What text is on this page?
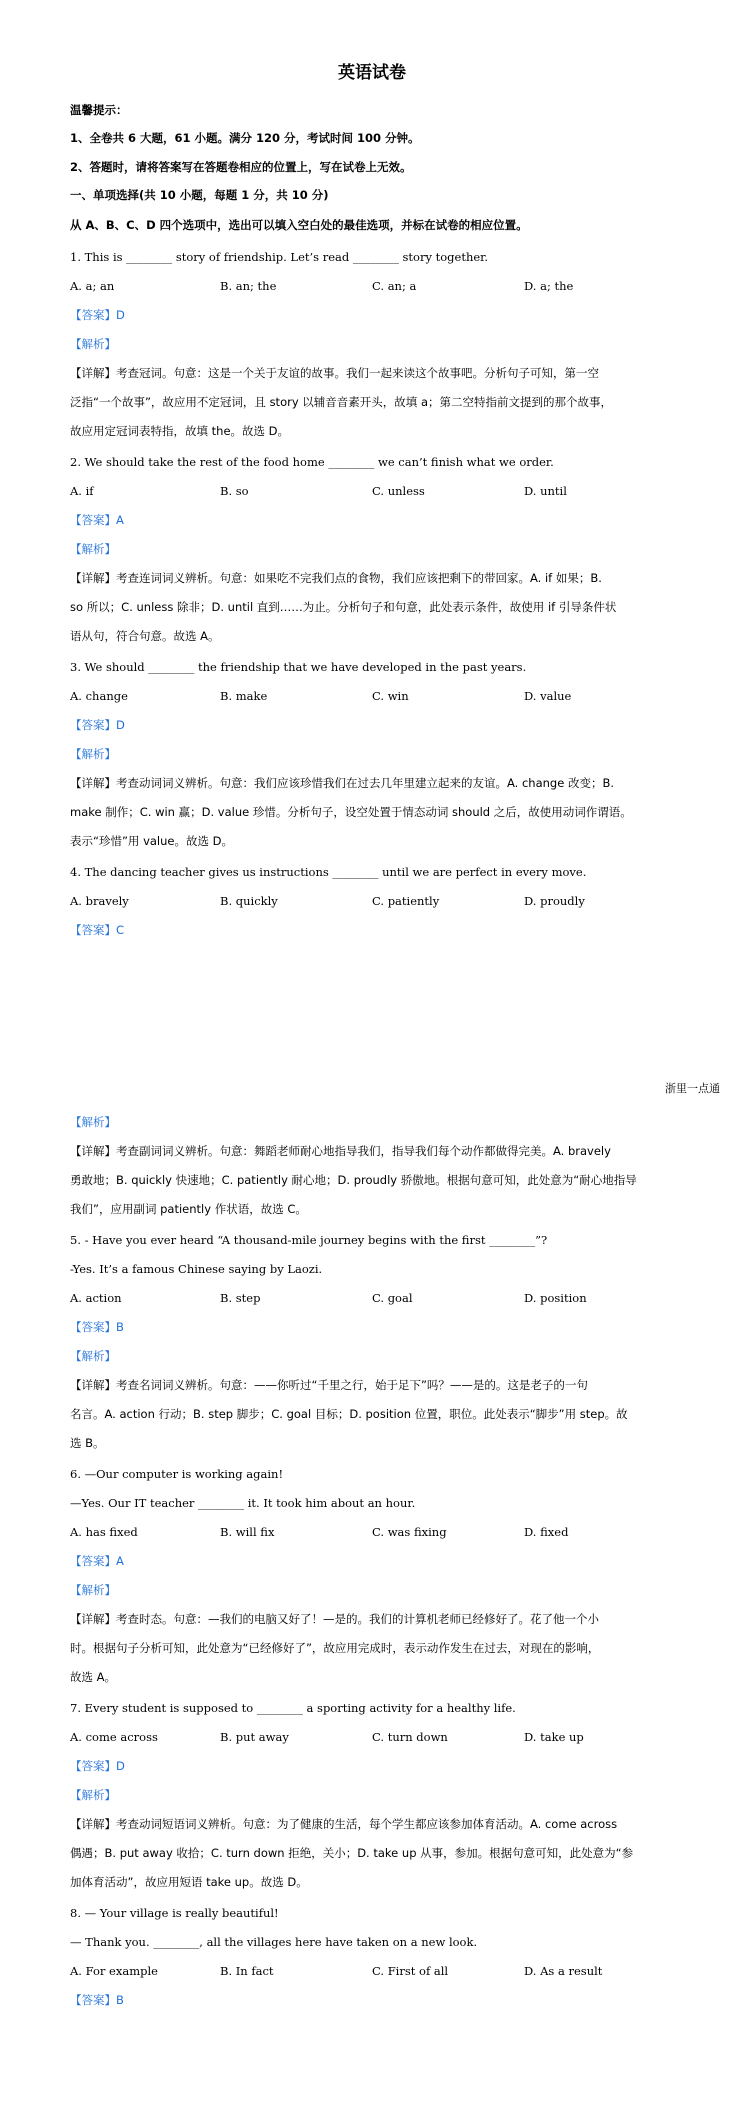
英语试卷
温馨提示：
1、全卷共 6 大题，61 小题。满分 120 分，考试时间 100 分钟。
2、答题时，请将答案写在答题卷相应的位置上，写在试卷上无效。
一、单项选择(共 10 小题，每题 1 分，共 10 分)
从 A、B、C、D 四个选项中，选出可以填入空白处的最佳选项，并标在试卷的相应位置。
1. This is ________ story of friendship. Let’s read ________ story together.
A. a; an	B. an; the	C. an; a	D. a; the
【答案】D
【解析】
【详解】考查冠词。句意：这是一个关于友谊的故事。我们一起来读这个故事吧。分析句子可知，第一空
泛指“一个故事”，故应用不定冠词，且 story 以辅音音素开头，故填 a；第二空特指前文提到的那个故事，
故应用定冠词表特指，故填 the。故选 D。
2. We should take the rest of the food home ________ we can’t finish what we order.
A. if	B. so	C. unless	D. until
【答案】A
【解析】
【详解】考查连词词义辨析。句意：如果吃不完我们点的食物，我们应该把剩下的带回家。A. if 如果；B.
so 所以；C. unless 除非；D. until 直到……为止。分析句子和句意，此处表示条件，故使用 if 引导条件状
语从句，符合句意。故选 A。
3. We should ________ the friendship that we have developed in the past years.
A. change	B. make	C. win	D. value
【答案】D
【解析】
【详解】考查动词词义辨析。句意：我们应该珍惜我们在过去几年里建立起来的友谊。A. change 改变；B.
make 制作；C. win 赢；D. value 珍惜。分析句子，设空处置于情态动词 should 之后，故使用动词作谓语。
表示“珍惜”用 value。故选 D。
4. The dancing teacher gives us instructions ________ until we are perfect in every move.
A. bravely	B. quickly	C. patiently	D. proudly
【答案】C
浙里一点通
【解析】
【详解】考查副词词义辨析。句意：舞蹈老师耐心地指导我们，指导我们每个动作都做得完美。A. bravely
勇敢地；B. quickly 快速地；C. patiently 耐心地；D. proudly 骄傲地。根据句意可知，此处意为“耐心地指导
我们”，应用副词 patiently 作状语，故选 C。
5. - Have you ever heard “A thousand-mile journey begins with the first ________”?
-Yes. It’s a famous Chinese saying by Laozi.
A. action	B. step	C. goal	D. position
【答案】B
【解析】
【详解】考查名词词义辨析。句意：——你听过“千里之行，始于足下”吗？——是的。这是老子的一句
名言。A. action 行动；B. step 脚步；C. goal 目标；D. position 位置，职位。此处表示“脚步”用 step。故
选 B。
6. —Our computer is working again!
—Yes. Our IT teacher ________ it. It took him about an hour.
A. has fixed	B. will fix	C. was fixing	D. fixed
【答案】A
【解析】
【详解】考查时态。句意：—我们的电脑又好了！—是的。我们的计算机老师已经修好了。花了他一个小
时。根据句子分析可知，此处意为“已经修好了”，故应用完成时，表示动作发生在过去，对现在的影响，
故选 A。
7. Every student is supposed to ________ a sporting activity for a healthy life.
A. come across	B. put away	C. turn down	D. take up
【答案】D
【解析】
【详解】考查动词短语词义辨析。句意：为了健康的生活，每个学生都应该参加体育活动。A. come across
偶遇；B. put away 收拾；C. turn down 拒绝，关小；D. take up 从事，参加。根据句意可知，此处意为“参
加体育活动”，故应用短语 take up。故选 D。
8. — Your village is really beautiful!
— Thank you. ________, all the villages here have taken on a new look.
A. For example	B. In fact	C. First of all	D. As a result
【答案】B
